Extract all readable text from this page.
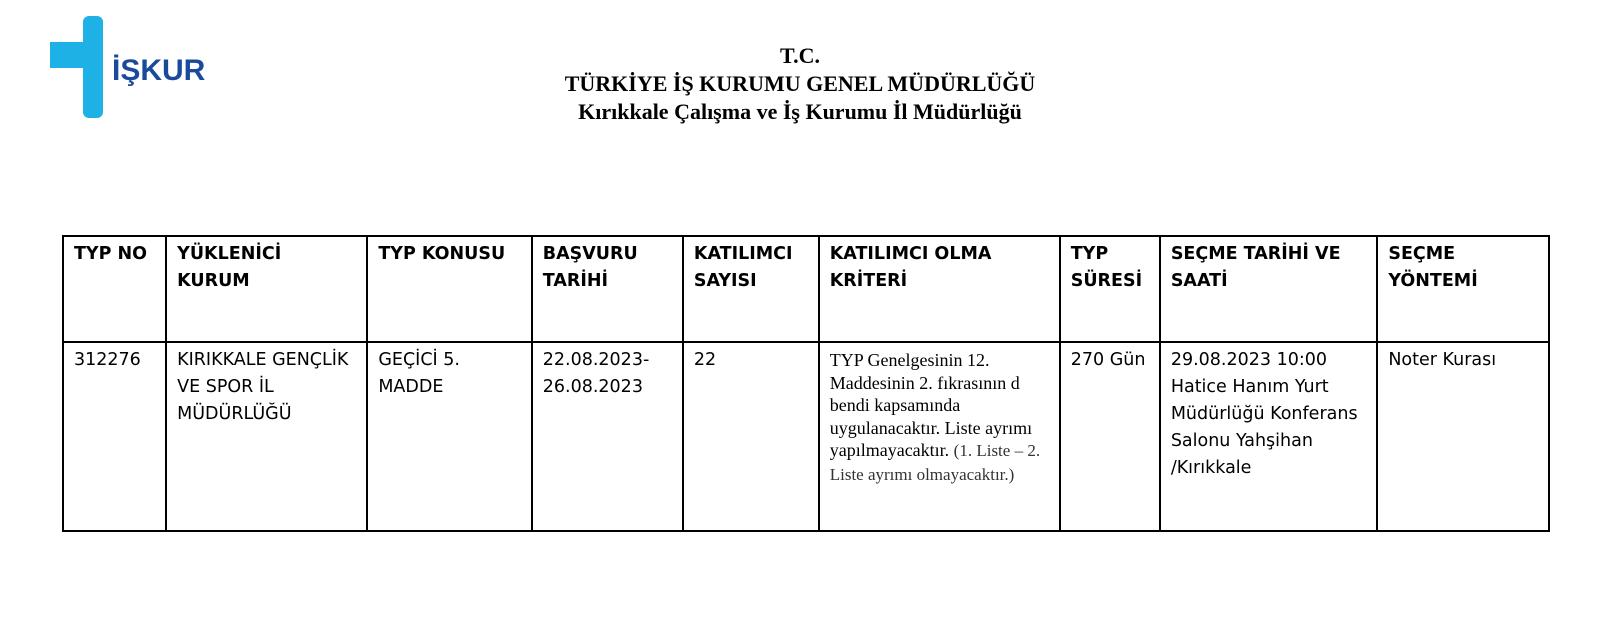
İŞKUR	T.C.
TÜRKİYE İŞ KURUMU GENEL MÜDÜRLÜĞÜ
Kırıkkale Çalışma ve İş Kurumu İl Müdürlüğü
TYP NO	YÜKLENİCİ KURUM	TYP KONUSU	BAŞVURU TARİHİ	KATILIMCI SAYISI	KATILIMCI OLMA KRİTERİ	TYP SÜRESİ	SEÇME TARİHİ VE SAATİ	SEÇME YÖNTEMİ
312276	KIRIKKALE GENÇLİK VE SPOR İL MÜDÜRLÜĞÜ	GEÇİCİ 5. MADDE	22.08.2023- 26.08.2023	22	TYP Genelgesinin 12. Maddesinin 2. fıkrasının d bendi kapsamında uygulanacaktır. Liste ayrımı yapılmayacaktır. (1. Liste – 2. Liste ayrımı olmayacaktır.)	270 Gün	29.08.2023 10:00 Hatice Hanım Yurt Müdürlüğü Konferans Salonu Yahşihan /Kırıkkale	Noter Kurası
